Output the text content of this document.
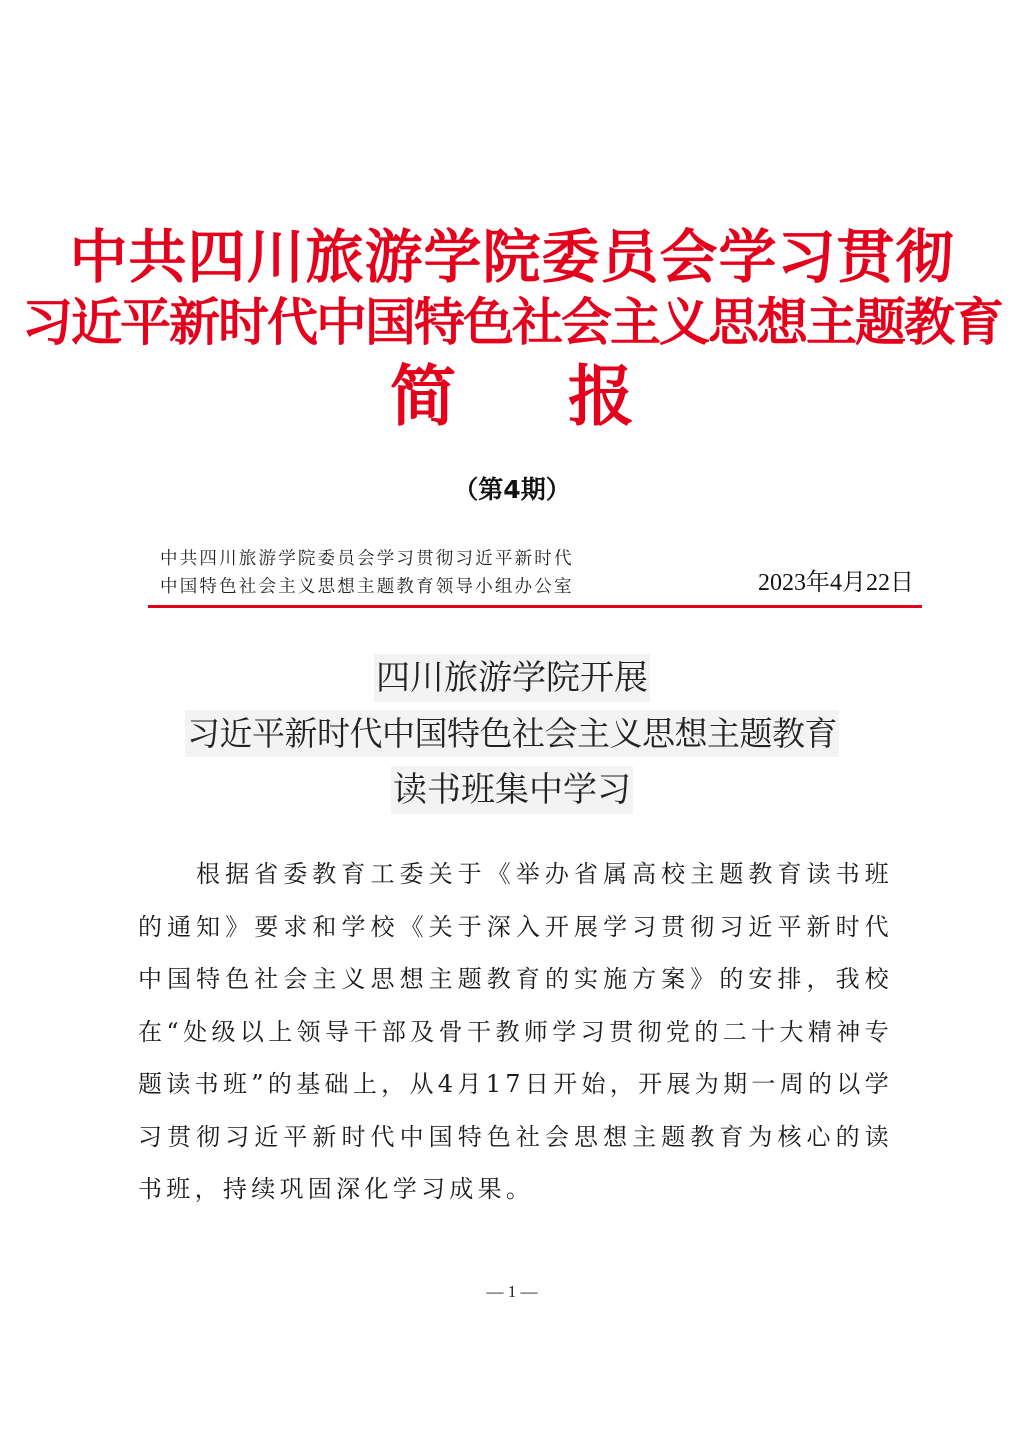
中共四川旅游学院委员会学习贯彻
习近平新时代中国特色社会主义思想主题教育
简报
（第4期）
中共四川旅游学院委员会学习贯彻习近平新时代
中国特色社会主义思想主题教育领导小组办公室	2023年4月22日
四川旅游学院开展
习近平新时代中国特色社会主义思想主题教育
读书班集中学习

根据省委教育工委关于《举办省属高校主题教育读书班的通知》要求和学校《关于深入开展学习贯彻习近平新时代中国特色社会主义思想主题教育的实施方案》的安排，我校在“处级以上领导干部及骨干教师学习贯彻党的二十大精神专题读书班”的基础上，从4月17日开始，开展为期一周的以学习贯彻习近平新时代中国特色社会思想主题教育为核心的读书班，持续巩固深化学习成果。

— 1 —
